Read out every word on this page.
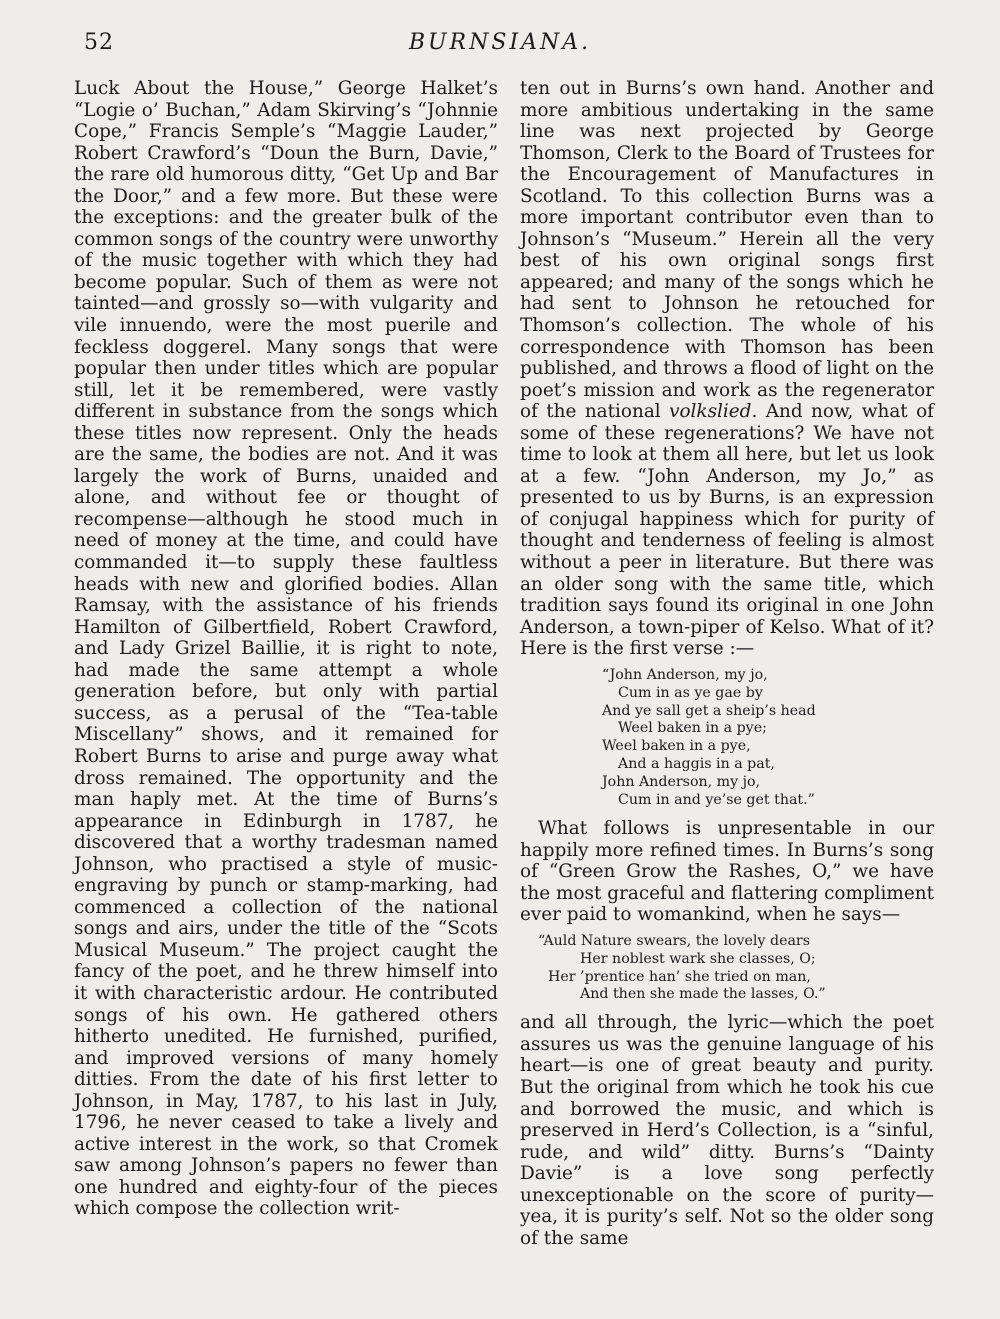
52	BURNSIANA.

Luck About the House,” George Halket’s “Logie o’ Buchan,” Adam Skirving’s “Johnnie Cope,” Francis Semple’s “Maggie Lauder,” Robert Crawford’s “Doun the Burn, Davie,” the rare old humorous ditty, “Get Up and Bar the Door,” and a few more. But these were the exceptions: and the greater bulk of the common songs of the country were unworthy of the music together with which they had become popular. Such of them as were not tainted—and grossly so—with vulgarity and vile innuendo, were the most puerile and feckless doggerel. Many songs that were popular then under titles which are popular still, let it be remembered, were vastly different in substance from the songs which these titles now represent. Only the heads are the same, the bodies are not. And it was largely the work of Burns, unaided and alone, and without fee or thought of recompense—although he stood much in need of money at the time, and could have commanded it—to supply these faultless heads with new and glorified bodies. Allan Ramsay, with the assistance of his friends Hamilton of Gilbertfield, Robert Crawford, and Lady Grizel Baillie, it is right to note, had made the same attempt a whole generation before, but only with partial success, as a perusal of the “Tea-table Miscellany” shows, and it remained for Robert Burns to arise and purge away what dross remained. The opportunity and the man haply met. At the time of Burns’s appearance in Edinburgh in 1787, he discovered that a worthy tradesman named Johnson, who practised a style of music-engraving by punch or stamp-marking, had commenced a collection of the national songs and airs, under the title of the “Scots Musical Museum.” The project caught the fancy of the poet, and he threw himself into it with characteristic ardour. He contributed songs of his own. He gathered others hitherto unedited. He furnished, purified, and improved versions of many homely ditties. From the date of his first letter to Johnson, in May, 1787, to his last in July, 1796, he never ceased to take a lively and active interest in the work, so that Cromek saw among Johnson’s papers no fewer than one hundred and eighty-four of the pieces which compose the collection writ-

ten out in Burns’s own hand. Another and more ambitious undertaking in the same line was next projected by George Thomson, Clerk to the Board of Trustees for the Encouragement of Manufactures in Scotland. To this collection Burns was a more important contributor even than to Johnson’s “Museum.” Herein all the very best of his own original songs first appeared; and many of the songs which he had sent to Johnson he retouched for Thomson’s collection. The whole of his correspondence with Thomson has been published, and throws a flood of light on the poet’s mission and work as the regenerator of the national volkslied. And now, what of some of these regenerations? We have not time to look at them all here, but let us look at a few. “John Anderson, my Jo,” as presented to us by Burns, is an expression of conjugal happiness which for purity of thought and tenderness of feeling is almost without a peer in literature. But there was an older song with the same title, which tradition says found its original in one John Anderson, a town-piper of Kelso. What of it? Here is the first verse :—

“John Anderson, my jo,
Cum in as ye gae by
And ye sall get a sheip’s head
Weel baken in a pye;
Weel baken in a pye,
And a haggis in a pat,
John Anderson, my jo,
Cum in and ye’se get that.”

What follows is unpresentable in our happily more refined times. In Burns’s song of “Green Grow the Rashes, O,” we have the most graceful and flattering compliment ever paid to womankind, when he says—

“Auld Nature swears, the lovely dears
Her noblest wark she classes, O;
Her ’prentice han’ she tried on man,
And then she made the lasses, O.”

and all through, the lyric—which the poet assures us was the genuine language of his heart—is one of great beauty and purity. But the original from which he took his cue and borrowed the music, and which is preserved in Herd’s Collection, is a “sinful, rude, and wild” ditty. Burns’s “Dainty Davie” is a love song perfectly unexceptionable on the score of purity—yea, it is purity’s self. Not so the older song of the same
